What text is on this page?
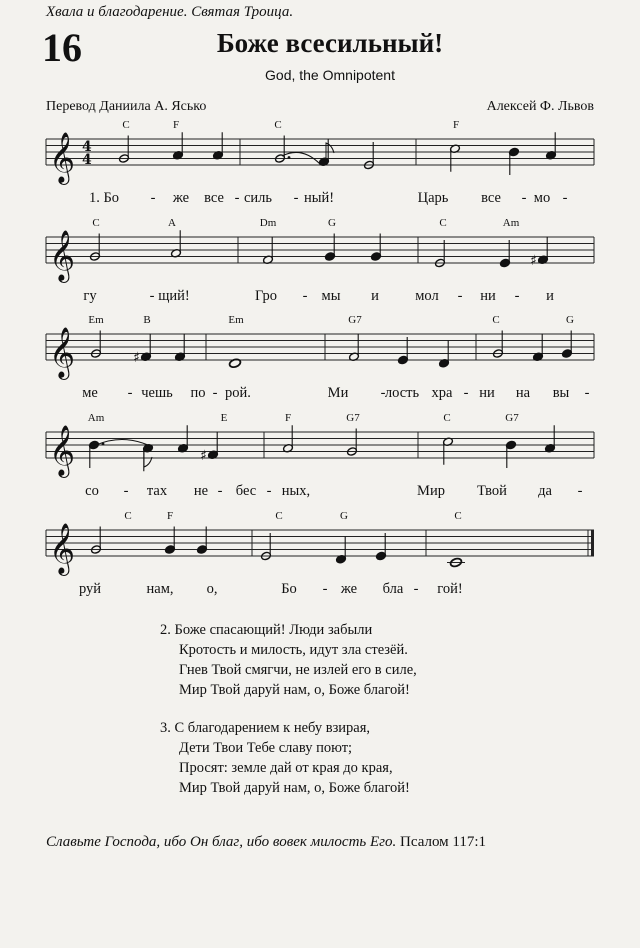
Хвала и благодарение. Святая Троица.
16	Боже всесильный!
God, the Omnipotent
Перевод Даниила А. Ясько	Алексей Ф. Львов
𝄞 4
4
C	F	C	F
1. Бо - же все - силь - ный!	Царь все - мо -
𝄞
C	A	Dm	G	C	Am
♯
гу	- щий!	Гро - мы и	мол - ни - и
𝄞
Em	B	Em	G7	C	G
♯
ме - чешь по - рой.	Ми - лость хра - ни на вы -
𝄞
Am	E	F	G7	C	G7
♯
со - тах не - бес - ных,	Мир Твой да -
𝄞
C	F	C	G	C
руй	нам, о,	Бо - же бла - гой!
2. Боже спасающий! Люди забыли
Кротость и милость, идут зла стезёй.
Гнев Твой смягчи, не излей его в силе,
Мир Твой даруй нам, о, Боже благой!
3. С благодарением к небу взирая,
Дети Твои Тебе славу поют;
Просят: земле дай от края до края,
Мир Твой даруй нам, о, Боже благой!
Славьте Господа, ибо Он благ, ибо вовек милость Его. Псалом 117:1
